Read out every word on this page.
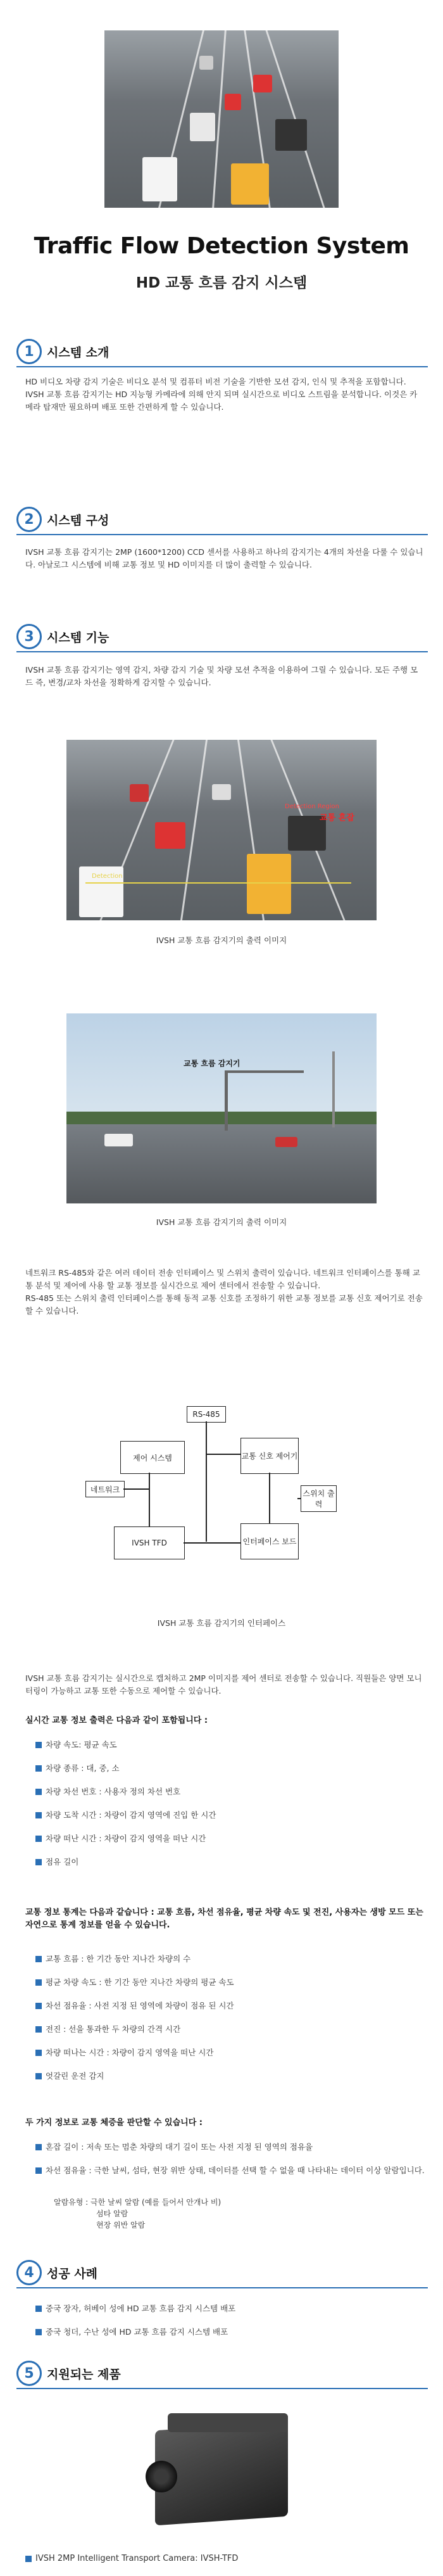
Traffic Flow Detection System
HD 교통 흐름 감지 시스템
1	시스템 소개
HD 비디오 차량 감지 기술은 비디오 분석 및 컴퓨터 비전 기술을 기반한 모션 감지, 인식 및 추적을 포함합니다. IVSH 교통 흐름 감지기는 HD 지능형 카메라에 의해 안지 되며 실시간으로 비디오 스트림을 분석합니다. 이것은 카메라 탑재만 필요하며 배포 또한 간편하게 할 수 있습니다.
2	시스템 구성
IVSH 교통 흐름 감지기는 2MP (1600*1200) CCD 센서를 사용하고 하나의 감지기는 4개의 차선을 다룰 수 있습니다. 아날로그 시스템에 비해 교통 정보 및 HD 이미지를 더 많이 출력할 수 있습니다.
3	시스템 기능
IVSH 교통 흐름 감지기는 영역 감지, 차량 감지 기술 및 차량 모션 추적을 이용하여 그릴 수 있습니다. 모든 주행 모드 즉, 변경/교차 차선을 정확하게 감지할 수 있습니다.
Detection Region
교통 혼잡
Detection
IVSH 교통 흐름 감지기의 출력 이미지
교통 흐름 감지기
IVSH 교통 흐름 감지기의 출력 이미지
네트워크 RS-485와 같은 여러 데이터 전송 인터페이스 및 스위치 출력이 있습니다. 네트워크 인터페이스를 통해 교통 분석 및 제어에 사용 할 교통 정보를 실시간으로 제어 센터에서 전송할 수 있습니다.
RS-485 또는 스위치 출력 인터페이스를 통해 동적 교통 신호를 조정하기 위한 교통 정보를 교통 신호 제어기로 전송할 수 있습니다.
RS-485
제어 시스템	교통 신호 제어기
네트워크	스위치 출력
IVSH TFD	인터페이스 보드
IVSH 교통 흐름 감지기의 인터페이스
IVSH 교통 흐름 감지기는 실시간으로 캡처하고 2MP 이미지를 제어 센터로 전송할 수 있습니다. 직원들은 양면 모니터링이 가능하고 교통 또한 수동으로 제어할 수 있습니다.
실시간 교통 정보 출력은 다음과 같이 포함됩니다 :
차량 속도: 평균 속도
차량 종류 : 대, 중, 소
차량 차선 번호 : 사용자 정의 차선 번호
차량 도착 시간 : 차량이 감지 영역에 진입 한 시간
차량 떠난 시간 : 차량이 감지 영역을 떠난 시간
점유 길이
교통 정보 통계는 다음과 같습니다 : 교통 흐름, 차선 점유율, 평균 차량 속도 및 전진, 사용자는 생방 모드 또는 자연으로 통계 정보를 얻을 수 있습니다.
교통 흐름 : 한 기간 동안 지나간 차량의 수
평균 차량 속도 : 한 기간 동안 지나간 차량의 평균 속도
차선 점유율 : 사전 지정 된 영역에 차량이 점유 된 시간
전진 : 선을 통과한 두 차량의 간격 시간
차량 떠나는 시간 : 차량이 감지 영역을 떠난 시간
엇갈린 운전 감지
두 가지 정보로 교통 체증을 판단할 수 있습니다 :
혼잡 길이 : 저속 또는 멈춘 차량의 대기 길이 또는 사전 지정 된 영역의 점유율
차선 점유율 : 극한 날씨, 섬타, 현장 위반 상태, 데이터를 선택 할 수 없을 때 나타내는 데이터 이상 알람입니다.
알람유형 : 극한 날씨 알람 (예를 들어서 안개나 비)
섬타 알람
현장 위반 알람
4	성공 사례
중국 장자, 허베이 성에 HD 교통 흐름 감지 시스템 배포
중국 청더, 수난 성에 HD 교통 흐름 감지 시스템 배포
5	지원되는 제품
IVSH 2MP Intelligent Transport Camera: IVSH-TFD
